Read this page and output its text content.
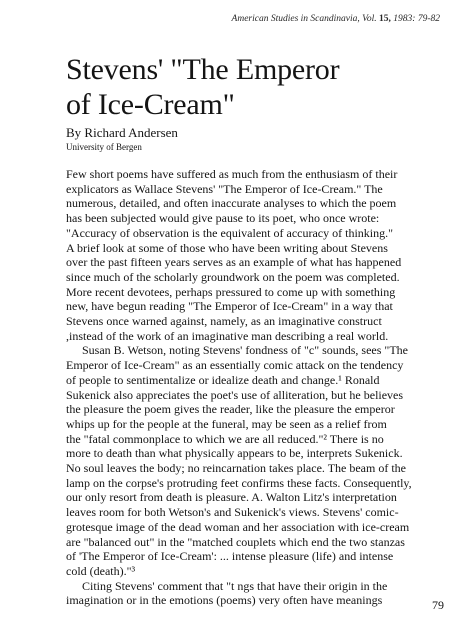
American Studies in Scandinavia, Vol. 15, 1983: 79-82
Stevens' "The Emperor
of Ice-Cream"

By Richard Andersen

University of Bergen

Few short poems have suffered as much from the enthusiasm of their
explicators as Wallace Stevens' "The Emperor of Ice-Cream." The
numerous, detailed, and often inaccurate analyses to which the poem
has been subjected would give pause to its poet, who once wrote:
"Accuracy of observation is the equivalent of accuracy of thinking."
A brief look at some of those who have been writing about Stevens
over the past fifteen years serves as an example of what has happened
since much of the scholarly groundwork on the poem was completed.
More recent devotees, perhaps pressured to come up with something
new, have begun reading "The Emperor of Ice-Cream" in a way that
Stevens once warned against, namely, as an imaginative construct
,instead of the work of an imaginative man describing a real world.

Susan B. Wetson, noting Stevens' fondness of "c" sounds, sees "The
Emperor of Ice-Cream" as an essentially comic attack on the tendency
of people to sentimentalize or idealize death and change.¹ Ronald
Sukenick also appreciates the poet's use of alliteration, but he believes
the pleasure the poem gives the reader, like the pleasure the emperor
whips up for the people at the funeral, may be seen as a relief from
the "fatal commonplace to which we are all reduced."² There is no
more to death than what physically appears to be, interprets Sukenick.
No soul leaves the body; no reincarnation takes place. The beam of the
lamp on the corpse's protruding feet confirms these facts. Consequently,
our only resort from death is pleasure. A. Walton Litz's interpretation
leaves room for both Wetson's and Sukenick's views. Stevens' comic-
grotesque image of the dead woman and her association with ice-cream
are "balanced out" in the "matched couplets which end the two stanzas
of 'The Emperor of Ice-Cream': ... intense pleasure (life) and intense
cold (death)."³

Citing Stevens' comment that "t ngs that have their origin in the
imagination or in the emotions (poems) very often have meanings	79
